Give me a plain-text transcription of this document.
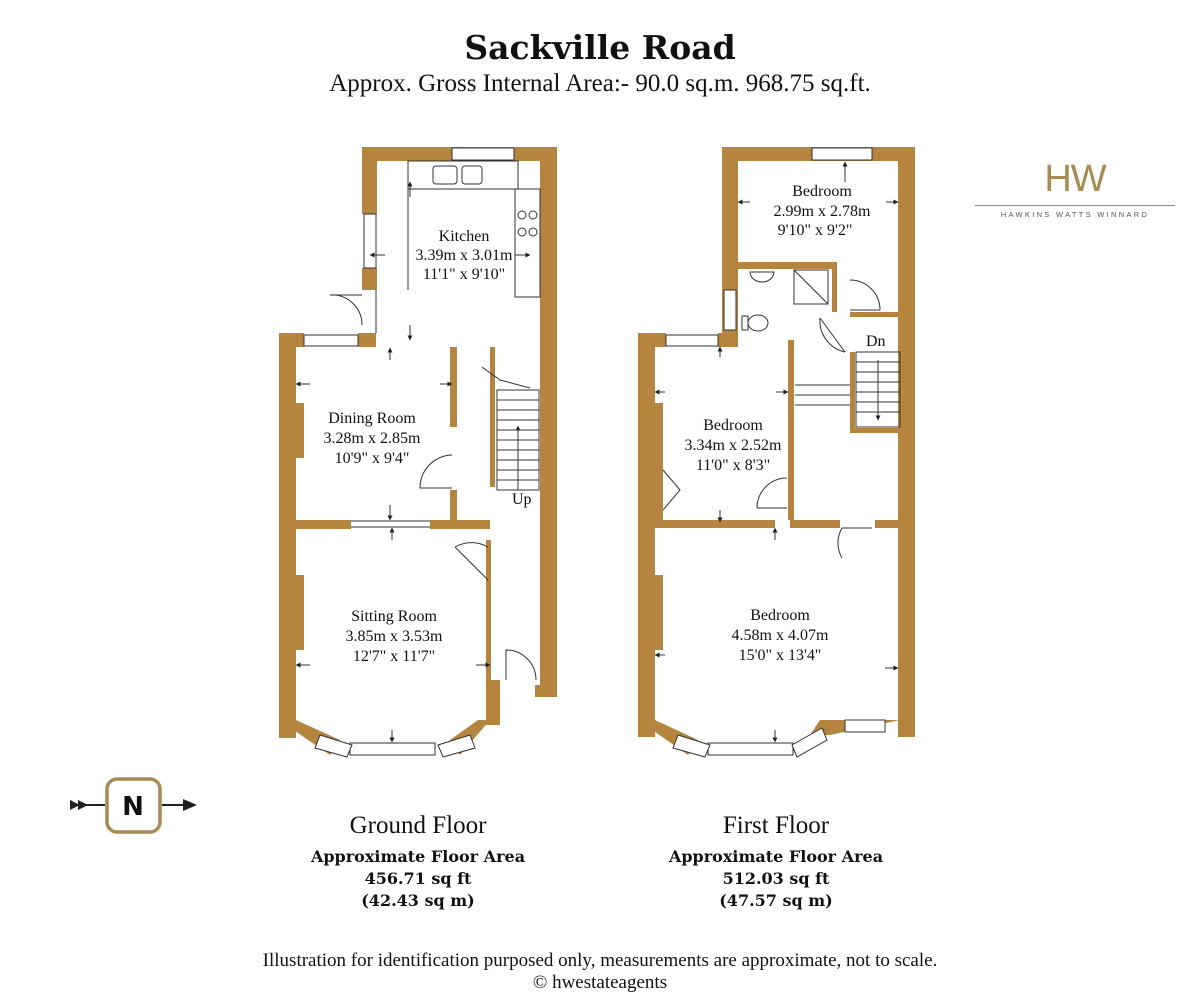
Sackville Road
Approx. Gross Internal Area:- 90.0 sq.m. 968.75 sq.ft.
HW
HAWKINS WATTS WINNARD
Up
Kitchen
3.39m x 3.01m
11'1" x 9'10"
Dining Room
3.28m x 2.85m
10'9" x 9'4"
Sitting Room
3.85m x 3.53m
12'7" x 11'7"
Dn
Bedroom
2.99m x 2.78m
9'10" x 9'2"
Bedroom
3.34m x 2.52m
11'0" x 8'3"
Bedroom
4.58m x 4.07m
15'0" x 13'4"
N
Ground Floor
Approximate Floor Area
456.71 sq ft
(42.43 sq m)
First Floor
Approximate Floor Area
512.03 sq ft
(47.57 sq m)
Illustration for identification purposed only, measurements are approximate, not to scale.
© hwestateagents
